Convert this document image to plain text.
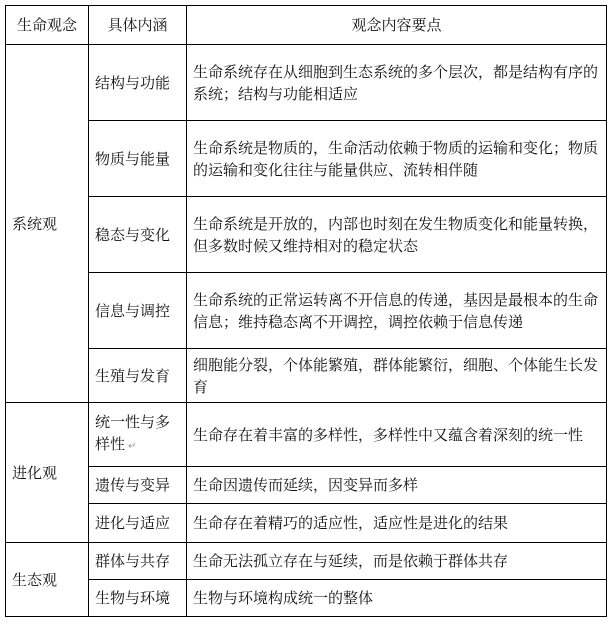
生命观念	具体内涵	观念内容要点
系统观	结构与功能	生命系统存在从细胞到生态系统的多个层次，都是结构有序的系统；结构与功能相适应
	物质与能量	生命系统是物质的，生命活动依赖于物质的运输和变化；物质的运输和变化往往与能量供应、流转相伴随
	稳态与变化	生命系统是开放的，内部也时刻在发生物质变化和能量转换，但多数时候又维持相对的稳定状态
	信息与调控	生命系统的正常运转离不开信息的传递，基因是最根本的生命信息；维持稳态离不开调控，调控依赖于信息传递
	生殖与发育	细胞能分裂，个体能繁殖，群体能繁衍，细胞、个体能生长发育
进化观	统一性与多样性 ↵	生命存在着丰富的多样性，多样性中又蕴含着深刻的统一性
	遗传与变异	生命因遗传而延续，因变异而多样
	进化与适应	生命存在着精巧的适应性，适应性是进化的结果
生态观	群体与共存	生命无法孤立存在与延续，而是依赖于群体共存
	生物与环境	生物与环境构成统一的整体
